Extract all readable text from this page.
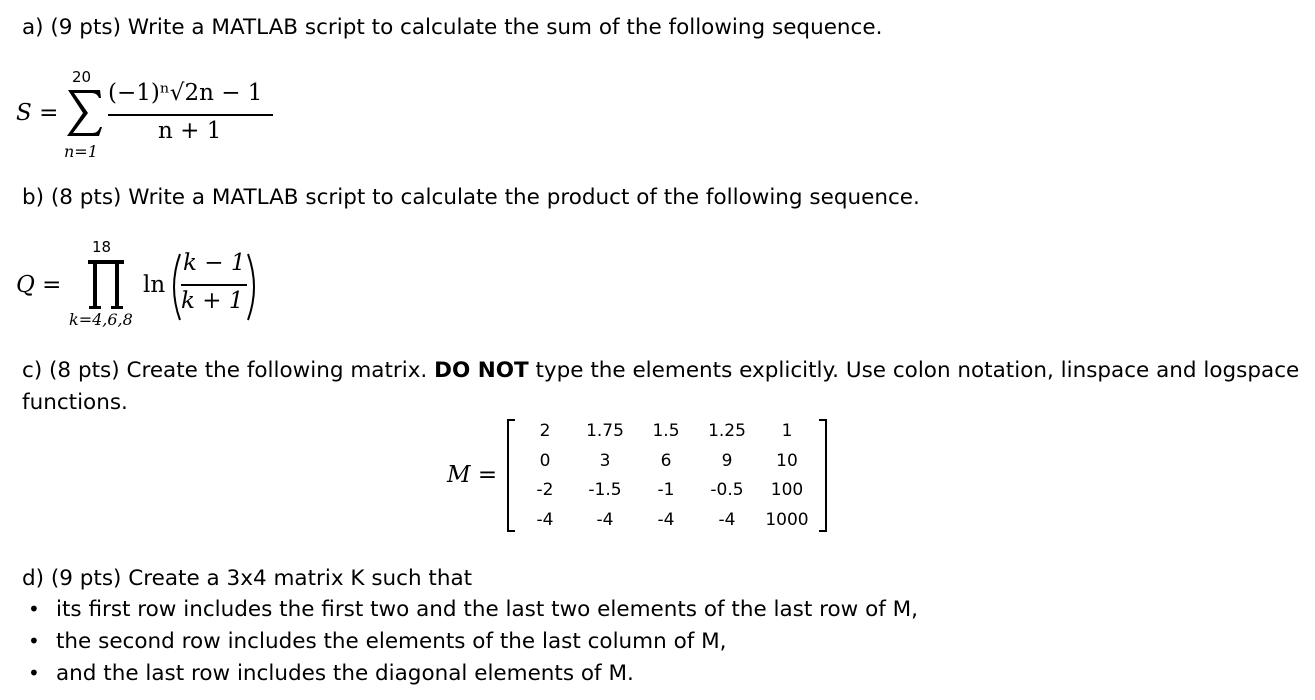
a) (9 pts) Write a MATLAB script to calculate the sum of the following sequence.
S =
20
n=1
(−1)ⁿ√2n − 1
n + 1
b) (8 pts) Write a MATLAB script to calculate the product of the following sequence.
Q =
18
k=4,6,8
ln
k − 1
k + 1
c) (8 pts) Create the following matrix. DO NOT type the elements explicitly. Use colon notation, linspace and logspace
functions.
M =
2	1.75	1.5	1.25	1
0	3	6	9	10
-2	-1.5	-1	-0.5	100
-4	-4	-4	-4	1000
d) (9 pts) Create a 3x4 matrix K such that
• its first row includes the first two and the last two elements of the last row of M,
• the second row includes the elements of the last column of M,
• and the last row includes the diagonal elements of M.
